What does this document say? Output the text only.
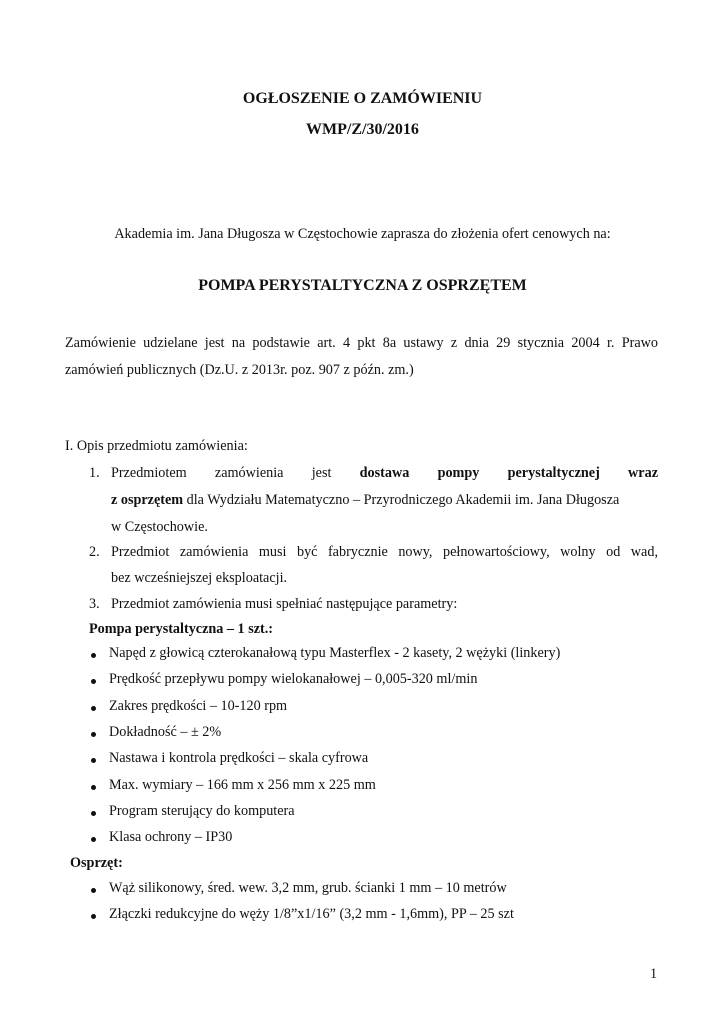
OGŁOSZENIE O ZAMÓWIENIU
WMP/Z/30/2016
Akademia im. Jana Długosza w Częstochowie zaprasza do złożenia ofert cenowych na:
POMPA PERYSTALTYCZNA Z OSPRZĘTEM
Zamówienie udzielane jest na podstawie art. 4 pkt 8a ustawy z dnia 29 stycznia 2004 r. Prawo
zamówień publicznych (Dz.U. z 2013r. poz. 907 z późn. zm.)
I. Opis przedmiotu zamówienia:
1. Przedmiotem zamówienia jest dostawa pompy perystaltycznej wraz
z osprzętem dla Wydziału Matematyczno – Przyrodniczego Akademii im. Jana Długosza
w Częstochowie.
2. Przedmiot zamówienia musi być fabrycznie nowy, pełnowartościowy, wolny od wad,
bez wcześniejszej eksploatacji.
3. Przedmiot zamówienia musi spełniać następujące parametry:
Pompa perystaltyczna – 1 szt.:
Napęd z głowicą czterokanałową typu Masterflex - 2 kasety, 2 wężyki (linkery)
Prędkość przepływu pompy wielokanałowej – 0,005-320 ml/min
Zakres prędkości – 10-120 rpm
Dokładność – ± 2%
Nastawa i kontrola prędkości – skala cyfrowa
Max. wymiary – 166 mm x 256 mm x 225 mm
Program sterujący do komputera
Klasa ochrony – IP30
Osprzęt:
Wąż silikonowy, śred. wew. 3,2 mm, grub. ścianki 1 mm – 10 metrów
Złączki redukcyjne do węży 1/8”x1/16” (3,2 mm - 1,6mm), PP – 25 szt
1
